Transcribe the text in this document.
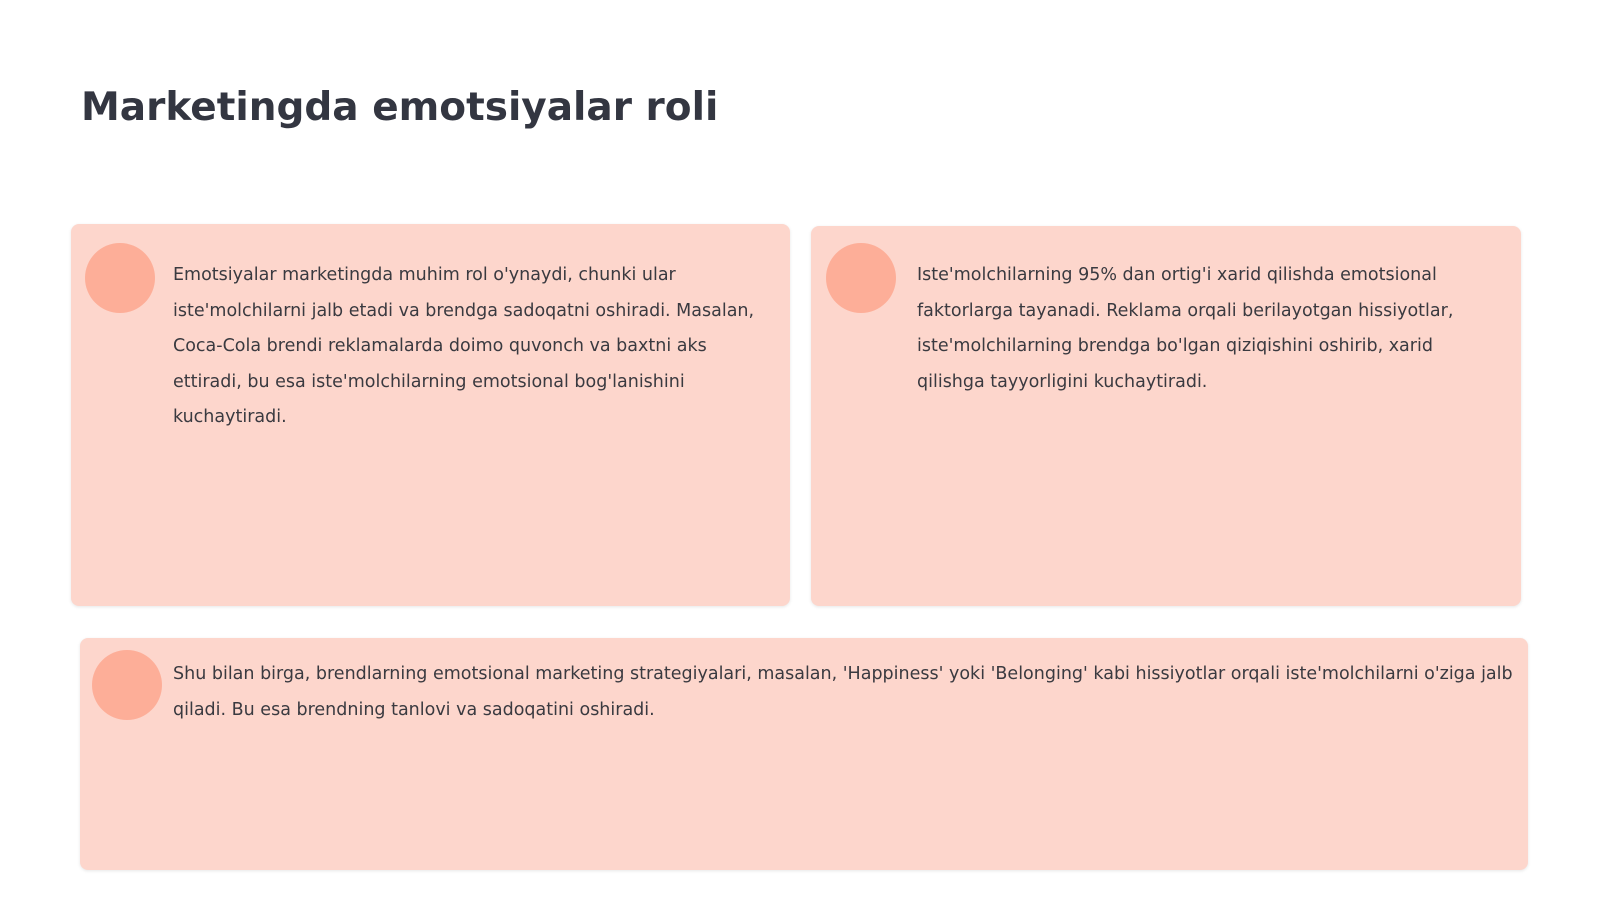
Marketingda emotsiyalar roli

Emotsiyalar marketingda muhim rol o'ynaydi, chunki ular iste'molchilarni jalb etadi va brendga sadoqatni oshiradi. Masalan, Coca-Cola brendi reklamalarda doimo quvonch va baxtni aks ettiradi, bu esa iste'molchilarning emotsional bog'lanishini kuchaytiradi.

Iste'molchilarning 95% dan ortig'i xarid qilishda emotsional faktorlarga tayanadi. Reklama orqali berilayotgan hissiyotlar, iste'molchilarning brendga bo'lgan qiziqishini oshirib, xarid qilishga tayyorligini kuchaytiradi.

Shu bilan birga, brendlarning emotsional marketing strategiyalari, masalan, 'Happiness' yoki 'Belonging' kabi hissiyotlar orqali iste'molchilarni o'ziga jalb qiladi. Bu esa brendning tanlovi va sadoqatini oshiradi.
